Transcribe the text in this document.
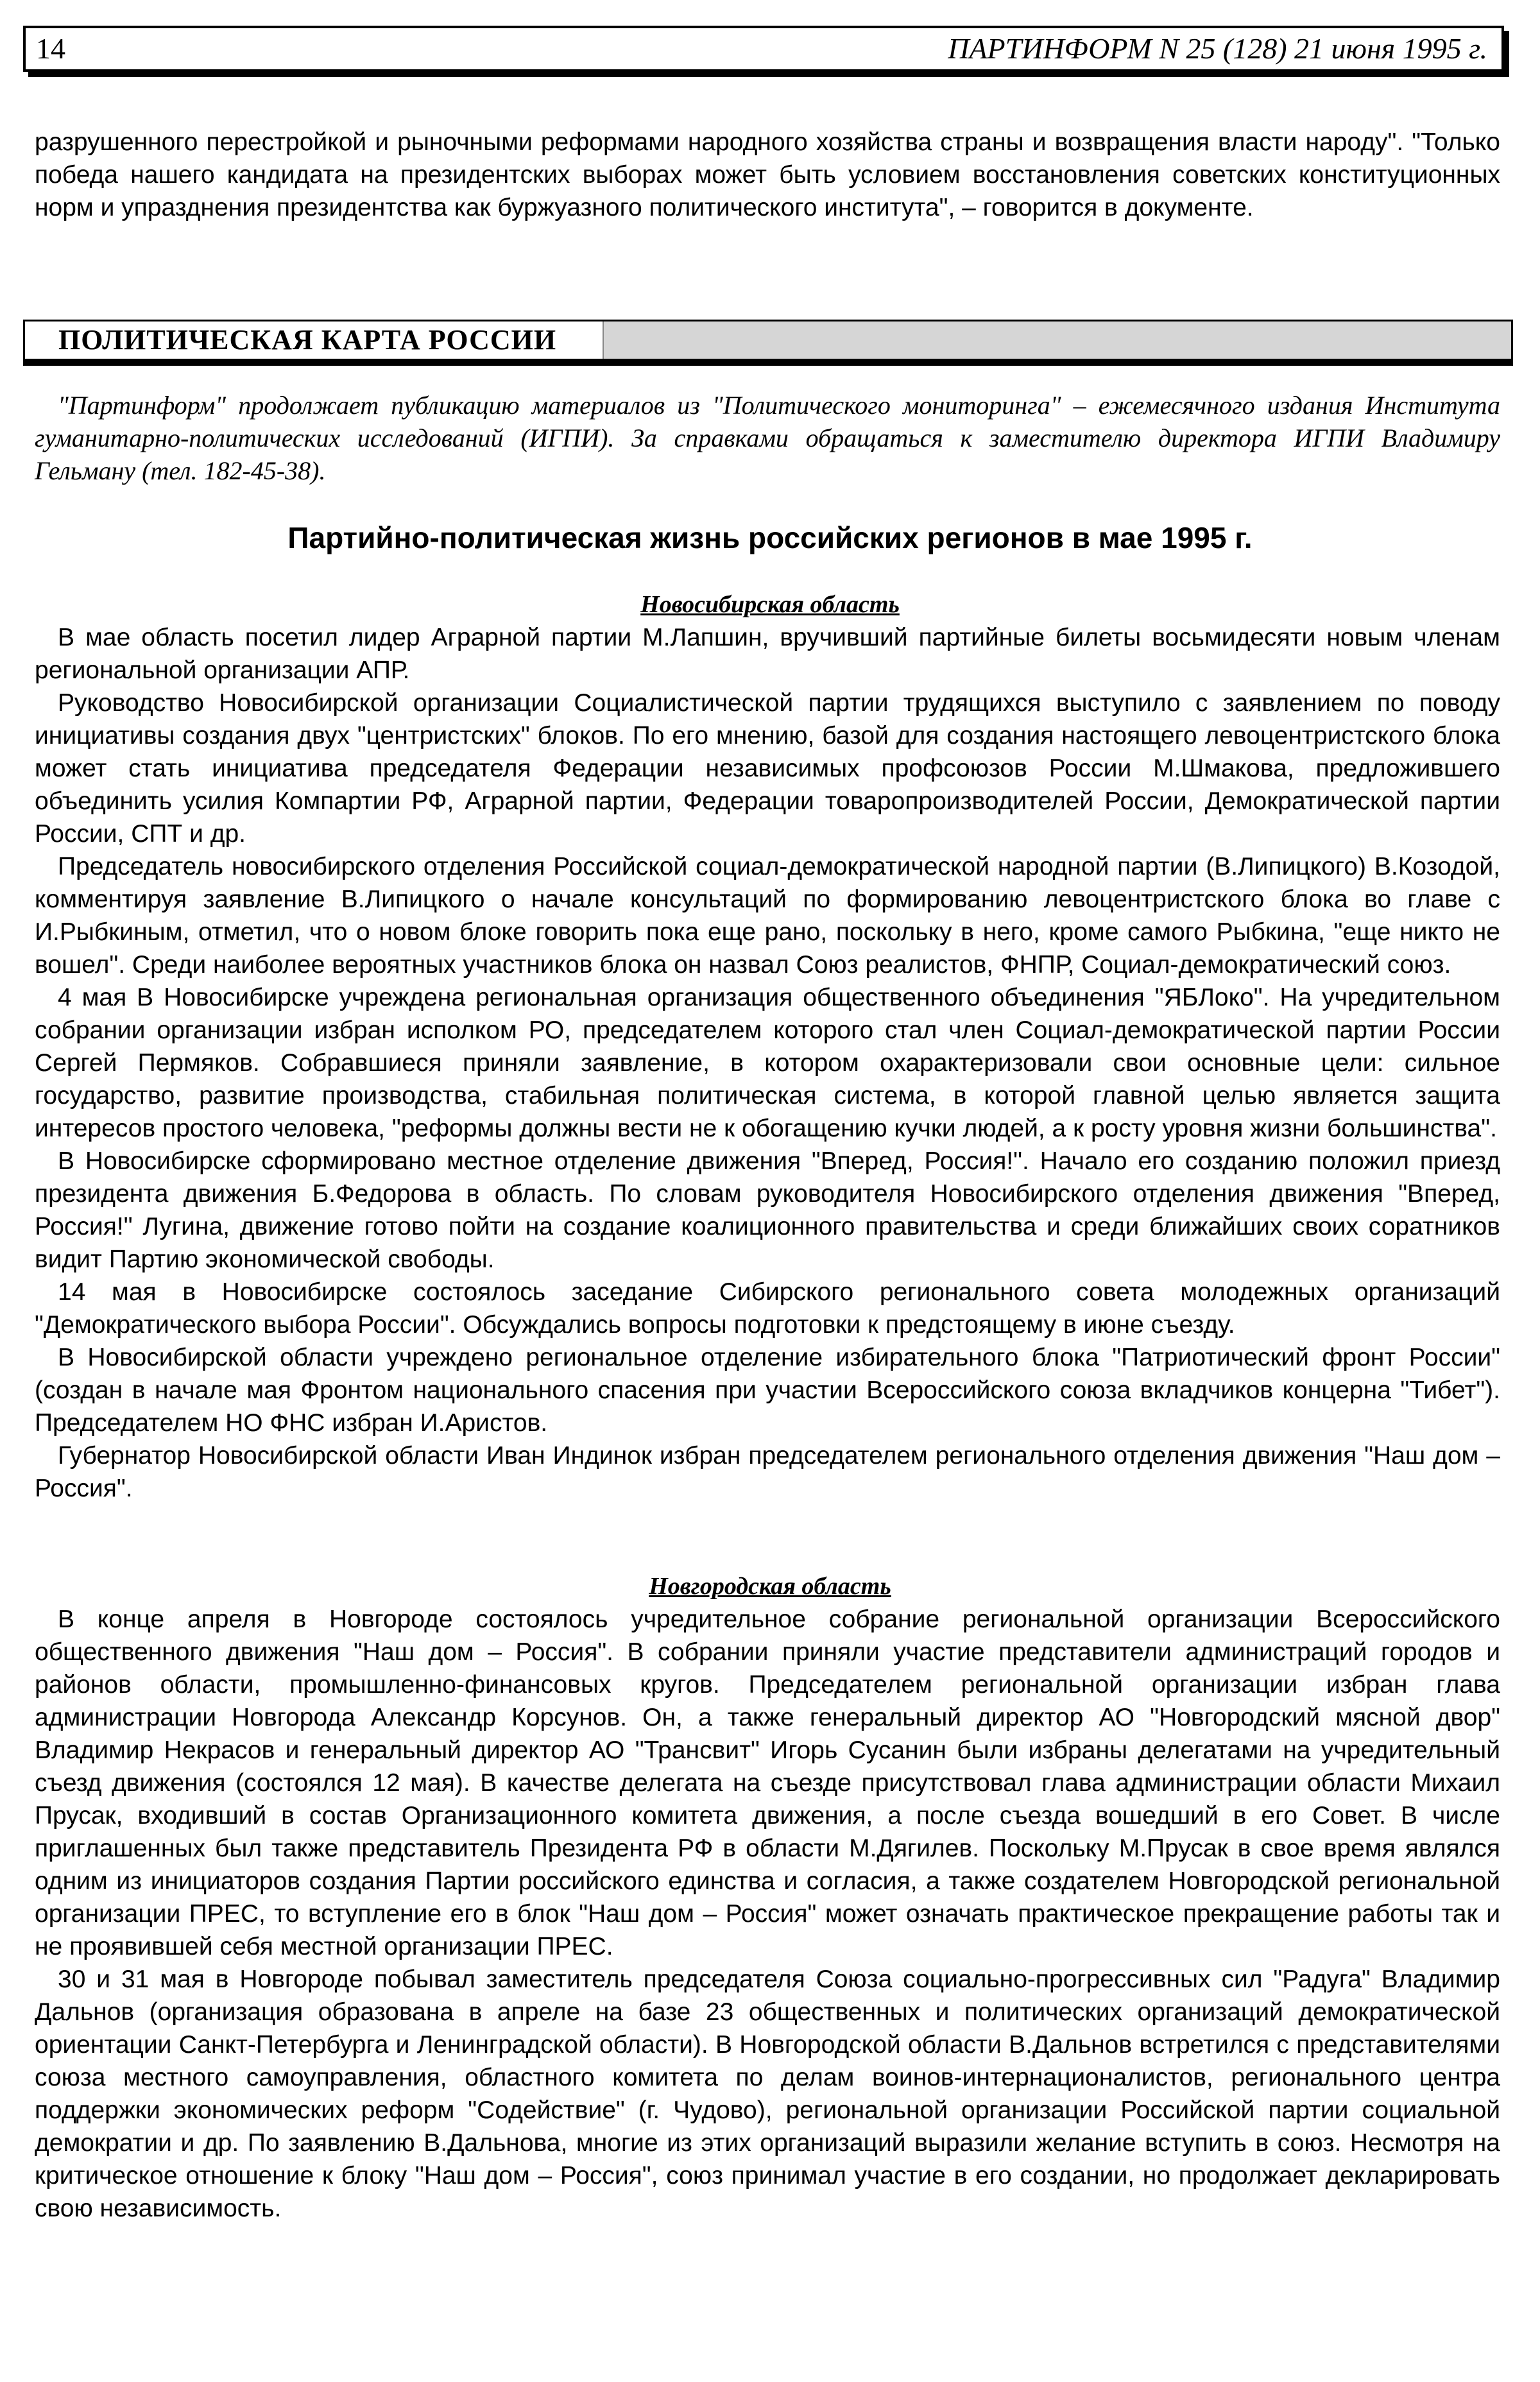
14	ПАРТИНФОРМ N 25 (128) 21 июня 1995 г.

разрушенного перестройкой и рыночными реформами народного хозяйства страны и возвращения власти народу". "Только победа нашего кандидата на президентских выборах может быть условием восстановления советских конституционных норм и упразднения президентства как буржуазного политического института", – говорится в документе.

ПОЛИТИЧЕСКАЯ КАРТА РОССИИ
"Партинформ" продолжает публикацию материалов из "Политического мониторинга" – ежемесячного издания Института гуманитарно-политических исследований (ИГПИ). За справками обращаться к заместителю директора ИГПИ Владимиру Гельману (тел. 182-45-38).
Партийно-политическая жизнь российских регионов в мае 1995 г.
Новосибирская область

В мае область посетил лидер Аграрной партии М.Лапшин, вручивший партийные билеты восьмидесяти новым членам региональной организации АПР.

Руководство Новосибирской организации Социалистической партии трудящихся выступило с заявлением по поводу инициативы создания двух "центристских" блоков. По его мнению, базой для создания настоящего левоцентристского блока может стать инициатива председателя Федерации независимых профсоюзов России М.Шмакова, предложившего объединить усилия Компартии РФ, Аграрной партии, Федерации товаропроизводителей России, Демократической партии России, СПТ и др.

Председатель новосибирского отделения Российской социал-демократической народной партии (В.Липицкого) В.Козодой, комментируя заявление В.Липицкого о начале консультаций по формированию левоцентристского блока во главе с И.Рыбкиным, отметил, что о новом блоке говорить пока еще рано, поскольку в него, кроме самого Рыбкина, "еще никто не вошел". Среди наиболее вероятных участников блока он назвал Союз реалистов, ФНПР, Социал-демократический союз.

4 мая В Новосибирске учреждена региональная организация общественного объединения "ЯБЛоко". На учредительном собрании организации избран исполком РО, председателем которого стал член Социал-демократической партии России Сергей Пермяков. Собравшиеся приняли заявление, в котором охарактеризовали свои основные цели: сильное государство, развитие производства, стабильная политическая система, в которой главной целью является защита интересов простого человека, "реформы должны вести не к обогащению кучки людей, а к росту уровня жизни большинства".

В Новосибирске сформировано местное отделение движения "Вперед, Россия!". Начало его созданию положил приезд президента движения Б.Федорова в область. По словам руководителя Новосибирского отделения движения "Вперед, Россия!" Лугина, движение готово пойти на создание коалиционного правительства и среди ближайших своих соратников видит Партию экономической свободы.

14 мая в Новосибирске состоялось заседание Сибирского регионального совета молодежных организаций "Демократического выбора России". Обсуждались вопросы подготовки к предстоящему в июне съезду.

В Новосибирской области учреждено региональное отделение избирательного блока "Патриотический фронт России" (создан в начале мая Фронтом национального спасения при участии Всероссийского союза вкладчиков концерна "Тибет"). Председателем НО ФНС избран И.Аристов.

Губернатор Новосибирской области Иван Индинок избран председателем регионального отделения движения "Наш дом – Россия".

Новгородская область

В конце апреля в Новгороде состоялось учредительное собрание региональной организации Всероссийского общественного движения "Наш дом – Россия". В собрании приняли участие представители администраций городов и районов области, промышленно-финансовых кругов. Председателем региональной организации избран глава администрации Новгорода Александр Корсунов. Он, а также генеральный директор АО "Новгородский мясной двор" Владимир Некрасов и генеральный директор АО "Трансвит" Игорь Сусанин были избраны делегатами на учредительный съезд движения (состоялся 12 мая). В качестве делегата на съезде присутствовал глава администрации области Михаил Прусак, входивший в состав Организационного комитета движения, а после съезда вошедший в его Совет. В числе приглашенных был также представитель Президента РФ в области М.Дягилев. Поскольку М.Прусак в свое время являлся одним из инициаторов создания Партии российского единства и согласия, а также создателем Новгородской региональной организации ПРЕС, то вступление его в блок "Наш дом – Россия" может означать практическое прекращение работы так и не проявившей себя местной организации ПРЕС.

30 и 31 мая в Новгороде побывал заместитель председателя Союза социально-прогрессивных сил "Радуга" Владимир Дальнов (организация образована в апреле на базе 23 общественных и политических организаций демократической ориентации Санкт-Петербурга и Ленинградской области). В Новгородской области В.Дальнов встретился с представителями союза местного самоуправления, областного комитета по делам воинов-интернационалистов, регионального центра поддержки экономических реформ "Содействие" (г. Чудово), региональной организации Российской партии социальной демократии и др. По заявлению В.Дальнова, многие из этих организаций выразили желание вступить в союз. Несмотря на критическое отношение к блоку "Наш дом – Россия", союз принимал участие в его создании, но продолжает декларировать свою независимость.
